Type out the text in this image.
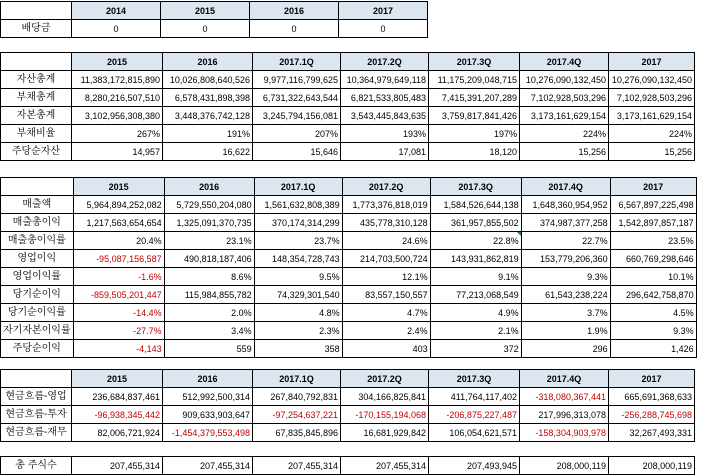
	2014	2015	2016	2017
배당금	0	0	0	0
	2015	2016	2017.1Q	2017.2Q	2017.3Q	2017.4Q	2017
자산총계	11,383,172,815,890	10,026,808,640,526	9,977,116,799,625	10,364,979,649,118	11,175,209,048,715	10,276,090,132,450	10,276,090,132,450
부채총계	8,280,216,507,510	6,578,431,898,398	6,731,322,643,544	6,821,533,805,483	7,415,391,207,289	7,102,928,503,296	7,102,928,503,296
자본총계	3,102,956,308,380	3,448,376,742,128	3,245,794,156,081	3,543,445,843,635	3,759,817,841,426	3,173,161,629,154	3,173,161,629,154
부채비율	267%	191%	207%	193%	197%	224%	224%
주당순자산	14,957	16,622	15,646	17,081	18,120	15,256	15,256
	2015	2016	2017.1Q	2017.2Q	2017.3Q	2017.4Q	2017
매출액	5,964,894,252,082	5,729,550,204,080	1,561,632,808,389	1,773,376,818,019	1,584,526,644,138	1,648,360,954,952	6,567,897,225,498
매출총이익	1,217,563,654,654	1,325,091,370,735	370,174,314,299	435,778,310,128	361,957,855,502	374,987,377,258	1,542,897,857,187
매출총이익률	20.4%	23.1%	23.7%	24.6%	22.8%	22.7%	23.5%
영업이익	-95,087,156,587	490,818,187,406	148,354,728,743	214,703,500,724	143,931,862,819	153,779,206,360	660,769,298,646
영업이익률	-1.6%	8.6%	9.5%	12.1%	9.1%	9.3%	10.1%
당기순이익	-859,505,201,447	115,984,855,782	74,329,301,540	83,557,150,557	77,213,068,549	61,543,238,224	296,642,758,870
당기순이익률	-14.4%	2.0%	4.8%	4.7%	4.9%	3.7%	4.5%
자기자본이익률	-27.7%	3.4%	2.3%	2.4%	2.1%	1.9%	9.3%
주당순이익	-4,143	559	358	403	372	296	1,426
	2015	2016	2017.1Q	2017.2Q	2017.3Q	2017.4Q	2017
현금흐름-영업	236,684,837,461	512,992,500,314	267,840,792,831	304,166,825,841	411,764,117,402	-318,080,367,441	665,691,368,633
현금흐름-투자	-96,938,345,442	909,633,903,647	-97,254,637,221	-170,155,194,068	-206,875,227,487	217,996,313,078	-256,288,745,698
현금흐름-재무	82,006,721,924	-1,454,379,553,498	67,835,845,896	16,681,929,842	106,054,621,571	-158,304,903,978	32,267,493,331
총 주식수	207,455,314	207,455,314	207,455,314	207,455,314	207,493,945	208,000,119	208,000,119
